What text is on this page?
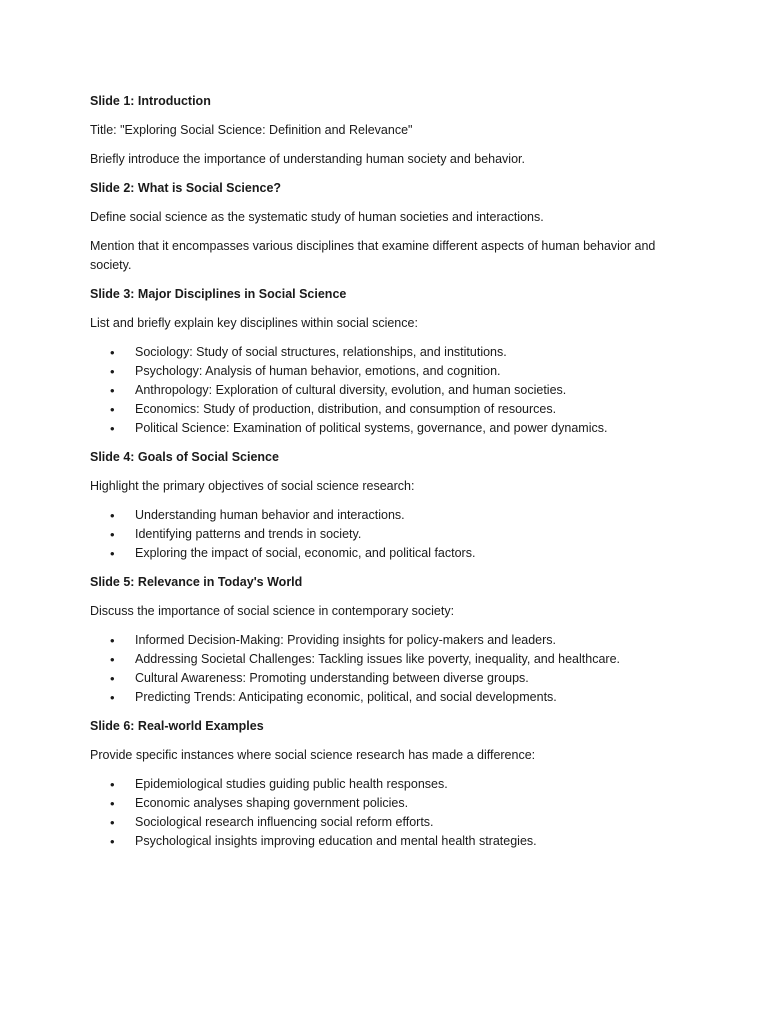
Slide 1: Introduction
Title: "Exploring Social Science: Definition and Relevance"
Briefly introduce the importance of understanding human society and behavior.
Slide 2: What is Social Science?
Define social science as the systematic study of human societies and interactions.
Mention that it encompasses various disciplines that examine different aspects of human behavior and society.
Slide 3: Major Disciplines in Social Science
List and briefly explain key disciplines within social science:
• Sociology: Study of social structures, relationships, and institutions.
• Psychology: Analysis of human behavior, emotions, and cognition.
• Anthropology: Exploration of cultural diversity, evolution, and human societies.
• Economics: Study of production, distribution, and consumption of resources.
• Political Science: Examination of political systems, governance, and power dynamics.
Slide 4: Goals of Social Science
Highlight the primary objectives of social science research:
• Understanding human behavior and interactions.
• Identifying patterns and trends in society.
• Exploring the impact of social, economic, and political factors.
Slide 5: Relevance in Today's World
Discuss the importance of social science in contemporary society:
• Informed Decision-Making: Providing insights for policy-makers and leaders.
• Addressing Societal Challenges: Tackling issues like poverty, inequality, and healthcare.
• Cultural Awareness: Promoting understanding between diverse groups.
• Predicting Trends: Anticipating economic, political, and social developments.
Slide 6: Real-world Examples
Provide specific instances where social science research has made a difference:
• Epidemiological studies guiding public health responses.
• Economic analyses shaping government policies.
• Sociological research influencing social reform efforts.
• Psychological insights improving education and mental health strategies.
